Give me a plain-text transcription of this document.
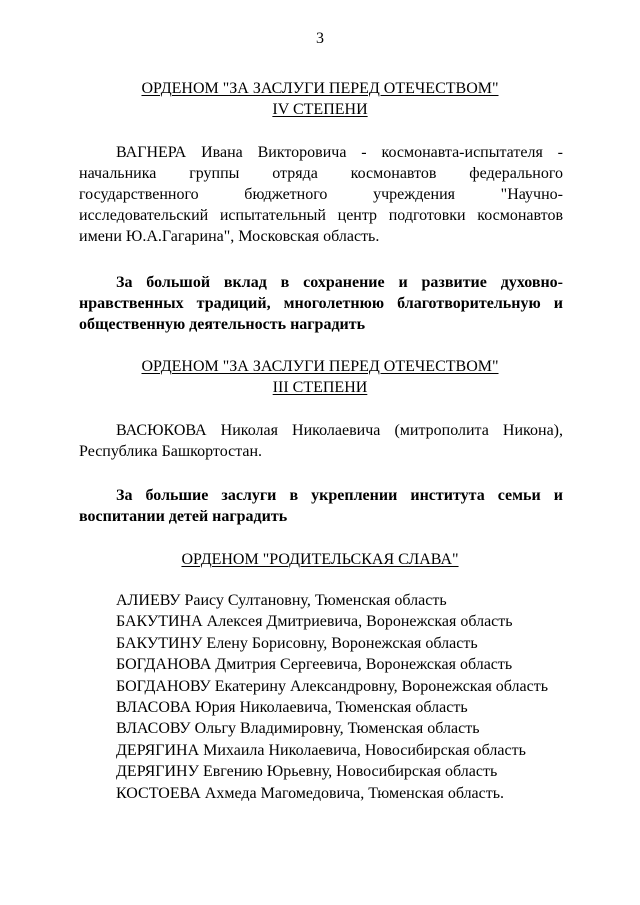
3
ОРДЕНОМ "ЗА ЗАСЛУГИ ПЕРЕД ОТЕЧЕСТВОМ"
IV СТЕПЕНИ

ВАГНЕРА Ивана Викторовича - космонавта-испытателя - начальника группы отряда космонавтов федерального государственного бюджетного учреждения "Научно-исследовательский испытательный центр подготовки космонавтов имени Ю.А.Гагарина", Московская область.

За большой вклад в сохранение и развитие духовно-нравственных традиций, многолетнюю благотворительную и общественную деятельность наградить

ОРДЕНОМ "ЗА ЗАСЛУГИ ПЕРЕД ОТЕЧЕСТВОМ"
III СТЕПЕНИ

ВАСЮКОВА Николая Николаевича (митрополита Никона), Республика Башкортостан.

За большие заслуги в укреплении института семьи и воспитании детей наградить

ОРДЕНОМ "РОДИТЕЛЬСКАЯ СЛАВА"
АЛИЕВУ Раису Султановну, Тюменская область
БАКУТИНА Алексея Дмитриевича, Воронежская область
БАКУТИНУ Елену Борисовну, Воронежская область
БОГДАНОВА Дмитрия Сергеевича, Воронежская область
БОГДАНОВУ Екатерину Александровну, Воронежская область
ВЛАСОВА Юрия Николаевича, Тюменская область
ВЛАСОВУ Ольгу Владимировну, Тюменская область
ДЕРЯГИНА Михаила Николаевича, Новосибирская область
ДЕРЯГИНУ Евгению Юрьевну, Новосибирская область
КОСТОЕВА Ахмеда Магомедовича, Тюменская область.
